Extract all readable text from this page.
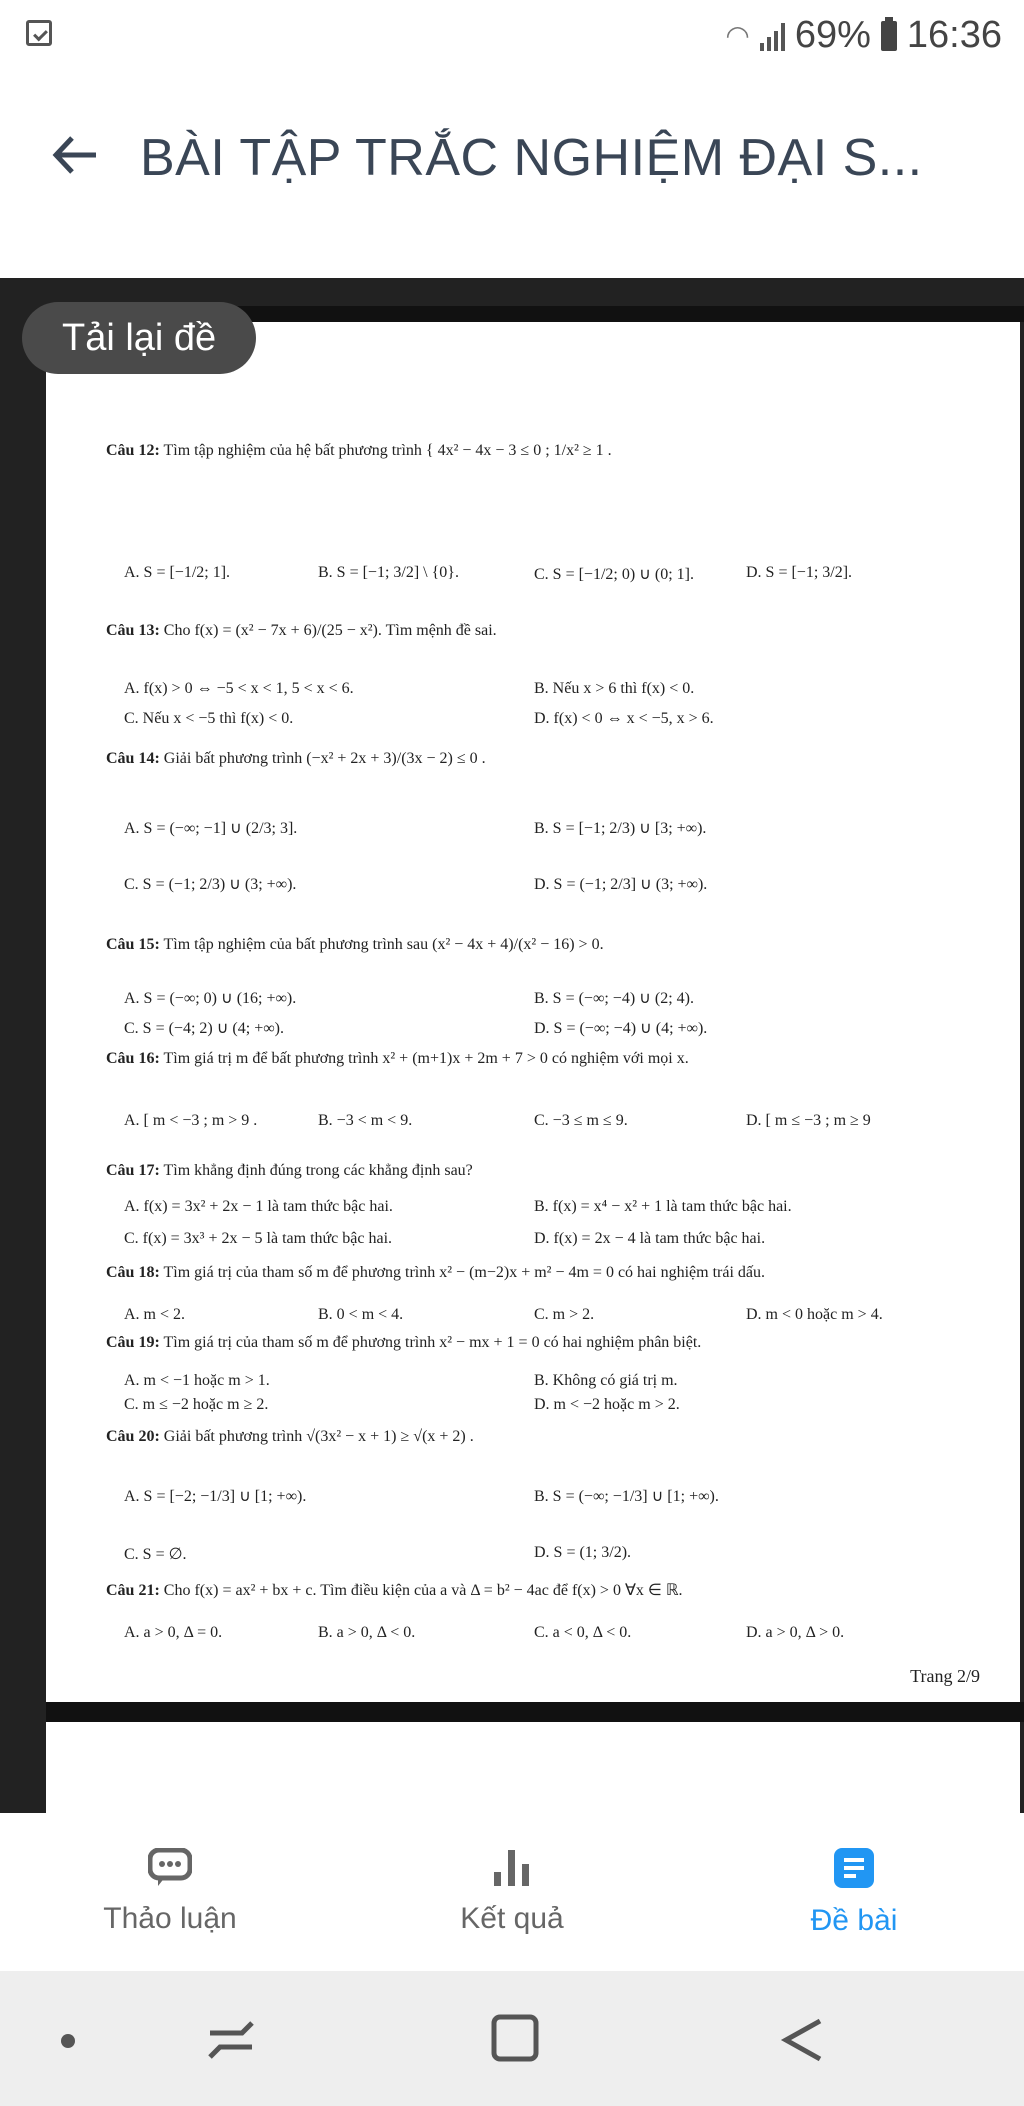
◠ 69% 16:36
BÀI TẬP TRẮC NGHIỆM ĐẠI S...
Câu 12: Tìm tập nghiệm của hệ bất phương trình { 4x² − 4x − 3 ≤ 0 ; 1/x² ≥ 1 .
A. S = [−1/2; 1].	B. S = [−1; 3/2] \ {0}.	C. S = [−1/2; 0) ∪ (0; 1].	D. S = [−1; 3/2].
Câu 13: Cho f(x) = (x² − 7x + 6)/(25 − x²). Tìm mệnh đề sai.
A. f(x) > 0 ⇔ −5 < x < 1, 5 < x < 6.	B. Nếu x > 6 thì f(x) < 0.
C. Nếu x < −5 thì f(x) < 0.	D. f(x) < 0 ⇔ x < −5, x > 6.
Câu 14: Giải bất phương trình (−x² + 2x + 3)/(3x − 2) ≤ 0 .
A. S = (−∞; −1] ∪ (2/3; 3].	B. S = [−1; 2/3) ∪ [3; +∞).
C. S = (−1; 2/3) ∪ (3; +∞).	D. S = (−1; 2/3] ∪ (3; +∞).
Câu 15: Tìm tập nghiệm của bất phương trình sau (x² − 4x + 4)/(x² − 16) > 0.
A. S = (−∞; 0) ∪ (16; +∞).	B. S = (−∞; −4) ∪ (2; 4).
C. S = (−4; 2) ∪ (4; +∞).	D. S = (−∞; −4) ∪ (4; +∞).
Câu 16: Tìm giá trị m để bất phương trình x² + (m+1)x + 2m + 7 > 0 có nghiệm với mọi x.
A. [ m < −3 ; m > 9 .	B. −3 < m < 9.	C. −3 ≤ m ≤ 9.	D. [ m ≤ −3 ; m ≥ 9
Câu 17: Tìm khẳng định đúng trong các khẳng định sau?
A. f(x) = 3x² + 2x − 1 là tam thức bậc hai.	B. f(x) = x⁴ − x² + 1 là tam thức bậc hai.
C. f(x) = 3x³ + 2x − 5 là tam thức bậc hai.	D. f(x) = 2x − 4 là tam thức bậc hai.
Câu 18: Tìm giá trị của tham số m để phương trình x² − (m−2)x + m² − 4m = 0 có hai nghiệm trái dấu.
A. m < 2.	B. 0 < m < 4.	C. m > 2.	D. m < 0 hoặc m > 4.
Câu 19: Tìm giá trị của tham số m để phương trình x² − mx + 1 = 0 có hai nghiệm phân biệt.
A. m < −1 hoặc m > 1.	B. Không có giá trị m.
C. m ≤ −2 hoặc m ≥ 2.	D. m < −2 hoặc m > 2.
Câu 20: Giải bất phương trình √(3x² − x + 1) ≥ √(x + 2) .
A. S = [−2; −1/3] ∪ [1; +∞).	B. S = (−∞; −1/3] ∪ [1; +∞).
C. S = ∅.	D. S = (1; 3/2).
Câu 21: Cho f(x) = ax² + bx + c. Tìm điều kiện của a và Δ = b² − 4ac để f(x) > 0 ∀x ∈ ℝ.
A. a > 0, Δ = 0.	B. a > 0, Δ < 0.	C. a < 0, Δ < 0.	D. a > 0, Δ > 0.
Trang 2/9
Tải lại đề
Thảo luận	Kết quả	Đề bài
